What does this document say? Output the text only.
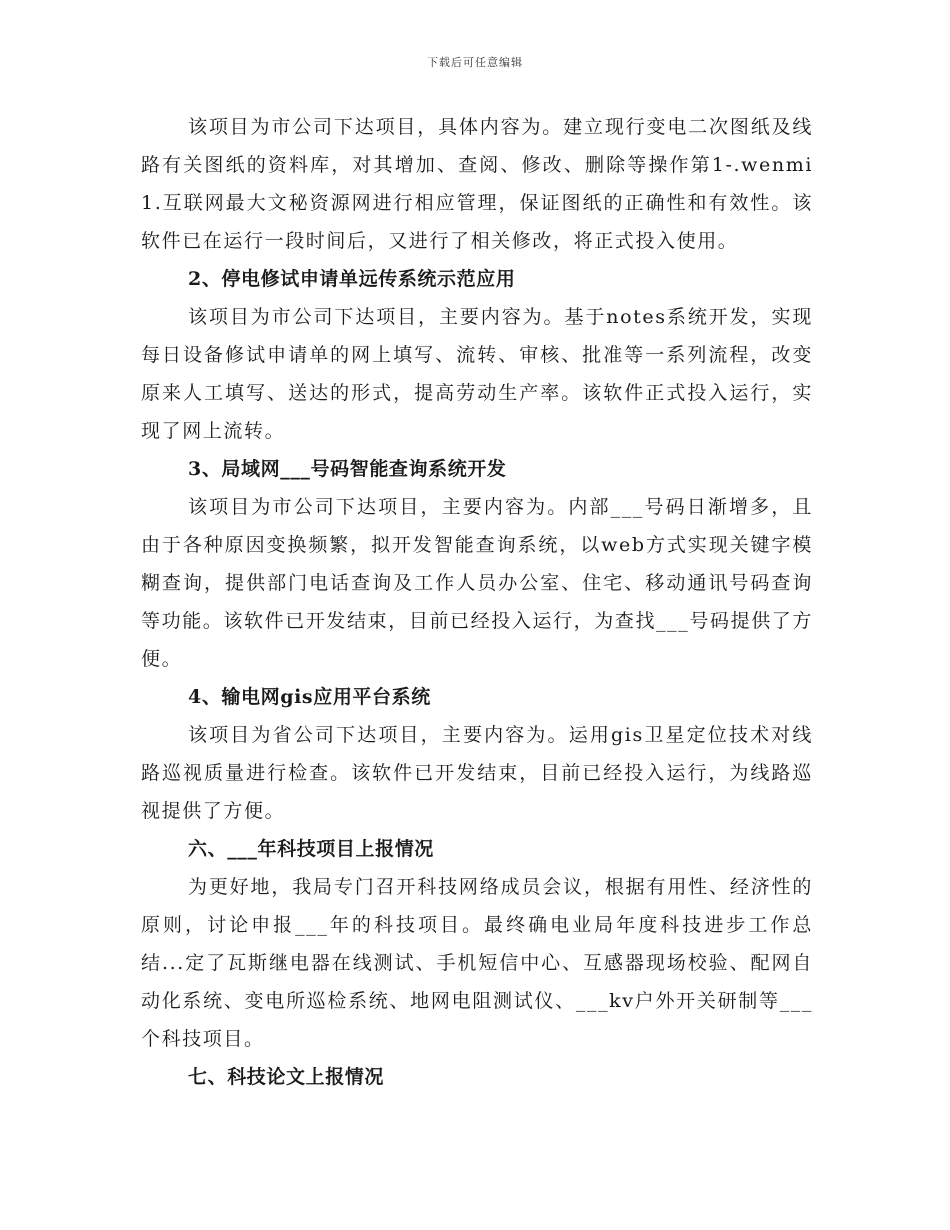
下载后可任意编辑

该项目为市公司下达项目，具体内容为。建立现行变电二次图纸及线路有关图纸的资料库，对其增加、查阅、修改、删除等操作第1-.wenmi1.互联网最大文秘资源网进行相应管理，保证图纸的正确性和有效性。该软件已在运行一段时间后，又进行了相关修改，将正式投入使用。

2、停电修试申请单远传系统示范应用

该项目为市公司下达项目，主要内容为。基于notes系统开发，实现每日设备修试申请单的网上填写、流转、审核、批准等一系列流程，改变原来人工填写、送达的形式，提高劳动生产率。该软件正式投入运行，实现了网上流转。

3、局域网___号码智能查询系统开发

该项目为市公司下达项目，主要内容为。内部___号码日渐增多，且由于各种原因变换频繁，拟开发智能查询系统，以web方式实现关键字模糊查询，提供部门电话查询及工作人员办公室、住宅、移动通讯号码查询等功能。该软件已开发结束，目前已经投入运行，为查找___号码提供了方便。

4、输电网gis应用平台系统

该项目为省公司下达项目，主要内容为。运用gis卫星定位技术对线路巡视质量进行检查。该软件已开发结束，目前已经投入运行，为线路巡视提供了方便。

六、___年科技项目上报情况

为更好地，我局专门召开科技网络成员会议，根据有用性、经济性的原则，讨论申报___年的科技项目。最终确电业局年度科技进步工作总结...定了瓦斯继电器在线测试、手机短信中心、互感器现场校验、配网自动化系统、变电所巡检系统、地网电阻测试仪、___kv户外开关研制等___个科技项目。

七、科技论文上报情况
